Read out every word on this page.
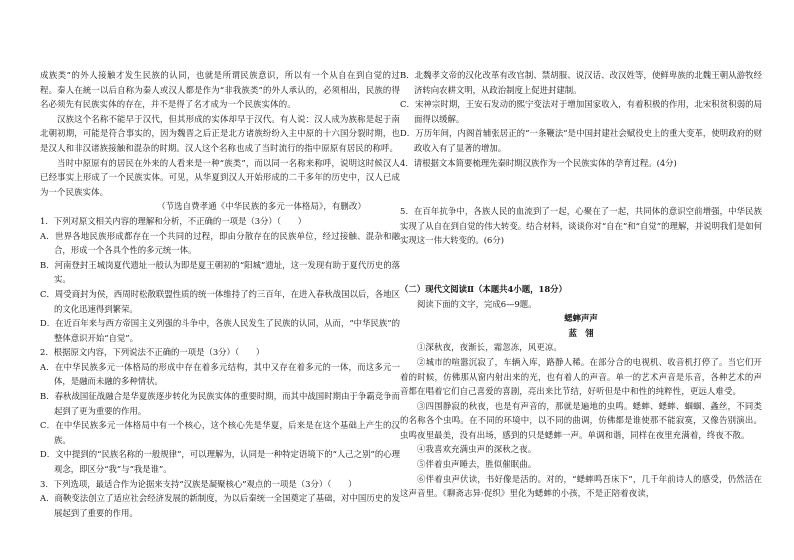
成族类”的外人接触才发生民族的认同，也就是所谓民族意识，所以有一个从自在到自觉的过程。秦人在統一以后自称为秦人或汉人都是作为“非我族类”的外人承认的，必须相出，民族的得名必须先有民族实体的存在，并不是得了名才成为一个民族实体的。

汉族这个名称不能早于汉代，但其形成的实体却早于汉代。有人说：汉人成为族称是起于南北朝初期，可能是符合事实的，因为魏晋之后正是北方诸族纷纷入主中原的十六国分裂时期，也是汉人和非汉诸族接触和混杂的时期。汉人这个名称也成了当时流行的指中原原有居民的称呼。

当时中原原有的居民在外来的人看来是一种“族类”，而以同一名称来称呼，说明这时候汉人已经事实上形成了一个民族实体。可见，从华夏到汉人开始形成的二千多年的历史中，汉人已成为一个民族实体。

（节选自费孝通《中华民族的多元一体格局》，有删改）

1．下列对原文相关内容的理解和分析，不正确的一项是（3分）（　　）

A．世界各地民族形成都存在一个共同的过程，即由分散存在的民族单位，经过接触、混杂和融合，形成一个各具个性的多元统一体。

B．河南登封王城岗夏代遗址一般认为即是夏王朝初的“阳城”遗址，这一发现有助于夏代历史的落实。

C．周受商封为侯，西周时松散联盟性质的统一体维持了约三百年，在进入春秋战国以后，各地区的文化迅速得到繁荣。

D．在近百年来与西方帝国主义列强的斗争中，各族人民发生了民族的认同，从而，“中华民族”的整体意识开始“自觉”。

2．根据原文内容，下列说法不正确的一项是（3分）（　　）

A．在中华民族多元一体格局的形成中存在着多元结构，其中又存在着多元的一体，而这多元一体，是融而未融的多种情状。

B．春秋战国征战融合是华夏族逐步转化为民族实体的重要时期，而其中战国时期由于争霸竞争而起到了更为重要的作用。

C．在中华民族多元一体格局中有一个核心，这个核心先是华夏，后来是在这个基础上产生的汉族。

D．文中提到的“民族名称的一般规律”，可以理解为，认同是一种特定语境下的“人己之别”的心理观念，即区分“我”与“我是谁”。

3．下列选项，最适合作为论据来支持“汉族是凝聚核心”观点的一项是（3分）（　　）

A．商鞅变法创立了适应社会经济发展的新制度，为以后秦统一全国奠定了基础，对中国历史的发展起到了重要的作用。

B．北魏孝文帝的汉化改革有改官制、禁胡服、说汉话、改汉姓等，使鲜卑族的北魏王朝从游牧经济转向农耕文明，从政治制度上促进封建制。

C．宋神宗时期，王安石发动的熙宁变法对于增加国家收入，有着积极的作用，北宋积贫积弱的局面得以缓解。

D．万历年间，内阁首辅张居正的“一条鞭法”是中国封建社会赋役史上的重大变革，使明政府的财政收入有了显著的增加。

4．请根据文本简要梳理先秦时期汉族作为一个民族实体的孕育过程。(4分)

5．在百年抗争中，各族人民的血流到了一起，心聚在了一起，共同体的意识空前增强，中华民族实现了从自在到自觉的伟大转变。结合材料，谈谈你对“自在”和“自觉”的理解，并说明我们是如何实现这一伟大转变的。(6分)

（二）现代文阅读Ⅱ（本题共4小题，18分）

阅读下面的文字，完成6—9题。

蟋蟀声声

蓝　翎

①深秋夜，夜渐长，霜忽冻，风更凉。

②城市的喧嚣沉寂了，车辆入库，路静人稀。在部分合的电视机、收音机打停了。当它们开着的时候，仿佛那从窗内射出来的光，也有着人的声音。单一的艺术声音是乐音，各种艺术的声音都在唱着它们自己喜爱的喜剧，亮出来比节结，好听但是中和性的纯粹性，更远人难受。

③四围静寂的秋夜，也是有声音的，那就是遍地的虫鸣。蟋蟀、蟋蟀、蝈蝈、螽丝，不同类的名称各个虫鸣。在不同的环境中，以不同的曲调，仿佛都是谁使那不能寂寞，又像告别演出。虫鸣夜里最美，没有出场，感到的只是蟋蟀一声。单调和谐，同样在夜里充满着，终夜不散。

④我喜欢充满虫声的深秋之夜。

⑤伴着虫声睡去，胜似催眠曲。

⑥伴着虫声伏读，书好像是活的。对的，“蟋蟀鸣吾床下”，几千年前诗人的感受，仍然活在这声音里。《聊斋志异·促织》里化为蟋蟀的小孩，不是正陪着夜读，
